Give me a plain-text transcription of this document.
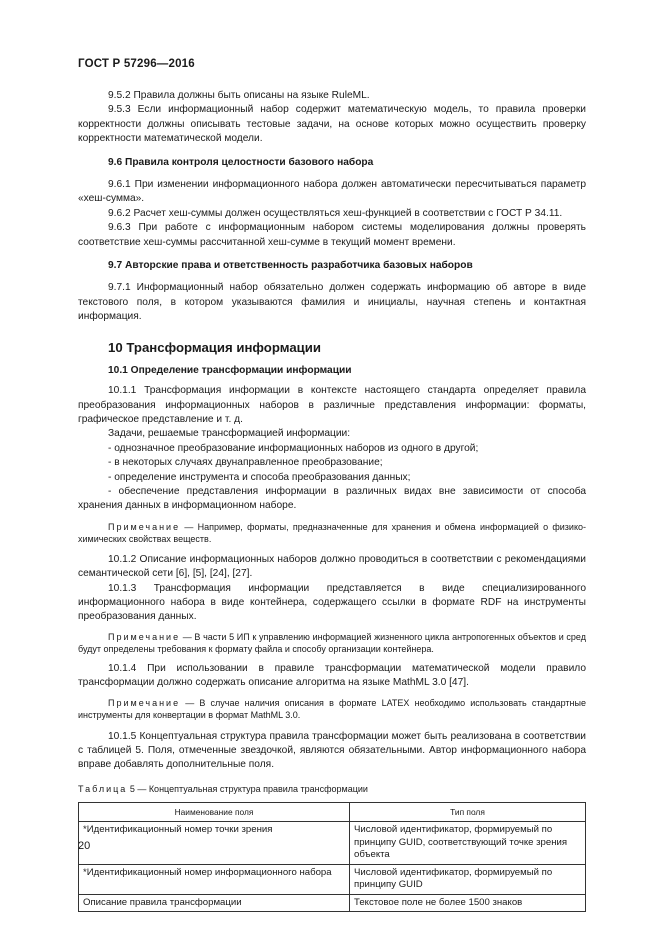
ГОСТ Р 57296—2016

9.5.2 Правила должны быть описаны на языке RuleML.

9.5.3 Если информационный набор содержит математическую модель, то правила проверки корректности должны описывать тестовые задачи, на основе которых можно осуществить проверку корректности математической модели.

9.6 Правила контроля целостности базового набора

9.6.1 При изменении информационного набора должен автоматически пересчитываться параметр «хеш-сумма».

9.6.2 Расчет хеш-суммы должен осуществляться хеш-функцией в соответствии с ГОСТ Р 34.11.

9.6.3 При работе с информационным набором системы моделирования должны проверять соответствие хеш-суммы рассчитанной хеш-сумме в текущий момент времени.

9.7 Авторские права и ответственность разработчика базовых наборов

9.7.1 Информационный набор обязательно должен содержать информацию об авторе в виде текстового поля, в котором указываются фамилия и инициалы, научная степень и контактная информация.

10 Трансформация информации

10.1 Определение трансформации информации

10.1.1 Трансформация информации в контексте настоящего стандарта определяет правила преобразования информационных наборов в различные представления информации: форматы, графическое представление и т. д.

Задачи, решаемые трансформацией информации:

- однозначное преобразование информационных наборов из одного в другой;

- в некоторых случаях двунаправленное преобразование;

- определение инструмента и способа преобразования данных;

- обеспечение представления информации в различных видах вне зависимости от способа хранения данных в информационном наборе.

Примечание — Например, форматы, предназначенные для хранения и обмена информацией о физико-химических свойствах веществ.

10.1.2 Описание информационных наборов должно проводиться в соответствии с рекомендациями семантической сети [6], [5], [24], [27].

10.1.3 Трансформация информации представляется в виде специализированного информационного набора в виде контейнера, содержащего ссылки в формате RDF на инструменты преобразования данных.

Примечание — В части 5 ИП к управлению информацией жизненного цикла антропогенных объектов и сред будут определены требования к формату файла и способу организации контейнера.

10.1.4 При использовании в правиле трансформации математической модели правило трансформации должно содержать описание алгоритма на языке MathML 3.0 [47].

Примечание — В случае наличия описания в формате LATEX необходимо использовать стандартные инструменты для конвертации в формат MathML 3.0.

10.1.5 Концептуальная структура правила трансформации может быть реализована в соответствии с таблицей 5. Поля, отмеченные звездочкой, являются обязательными. Автор информационного набора вправе добавлять дополнительные поля.

Таблица 5 — Концептуальная структура правила трансформации

Наименование поля	Тип поля
*Идентификационный номер точки зрения	Числовой идентификатор, формируемый по принципу GUID, соответствующий точке зрения объекта
*Идентификационный номер информационного набора	Числовой идентификатор, формируемый по принципу GUID
Описание правила трансформации	Текстовое поле не более 1500 знаков
20
